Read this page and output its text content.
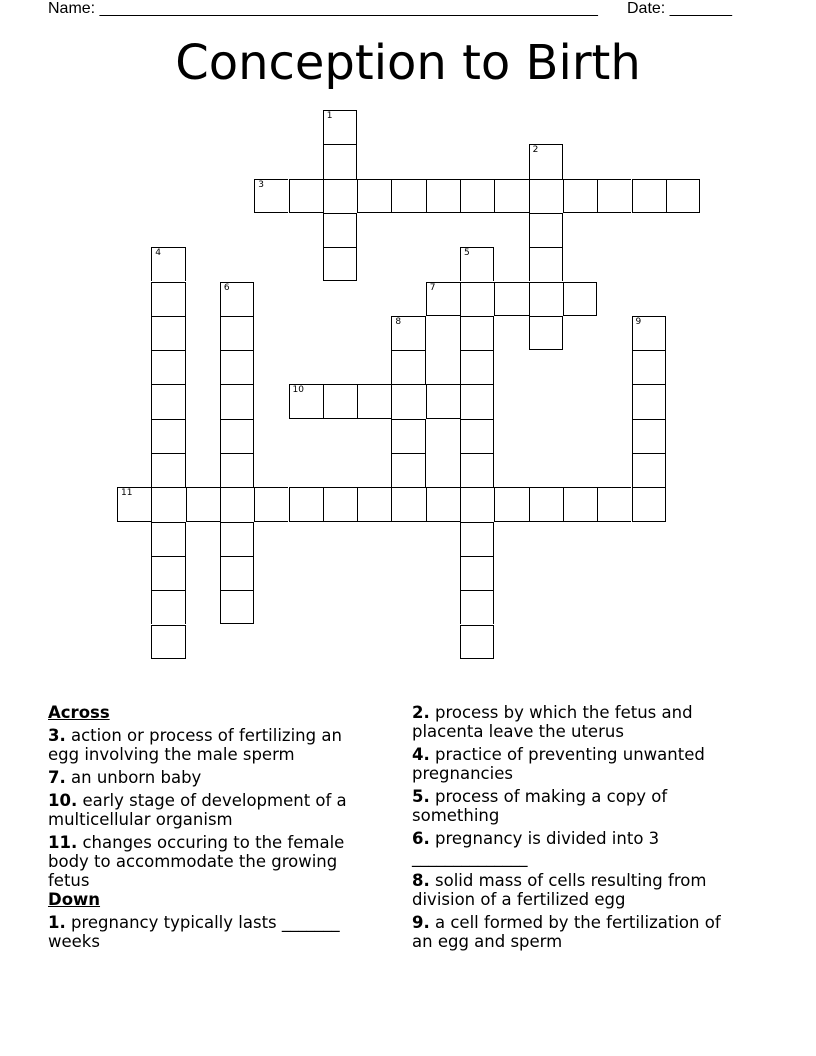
Name: ________________________________________________________ Date: _______
Conception to Birth
3
7
10
11
1
2
4	5
6
8	9
Across
3. action or process of fertilizing an egg involving the male sperm
7. an unborn baby
10. early stage of development of a multicellular organism
11. changes occuring to the female body to accommodate the growing fetus
Down
1. pregnancy typically lasts _______ weeks
2. process by which the fetus and placenta leave the uterus
4. practice of preventing unwanted pregnancies
5. process of making a copy of something
6. pregnancy is divided into 3 ______________
8. solid mass of cells resulting from division of a fertilized egg
9. a cell formed by the fertilization of an egg and sperm
